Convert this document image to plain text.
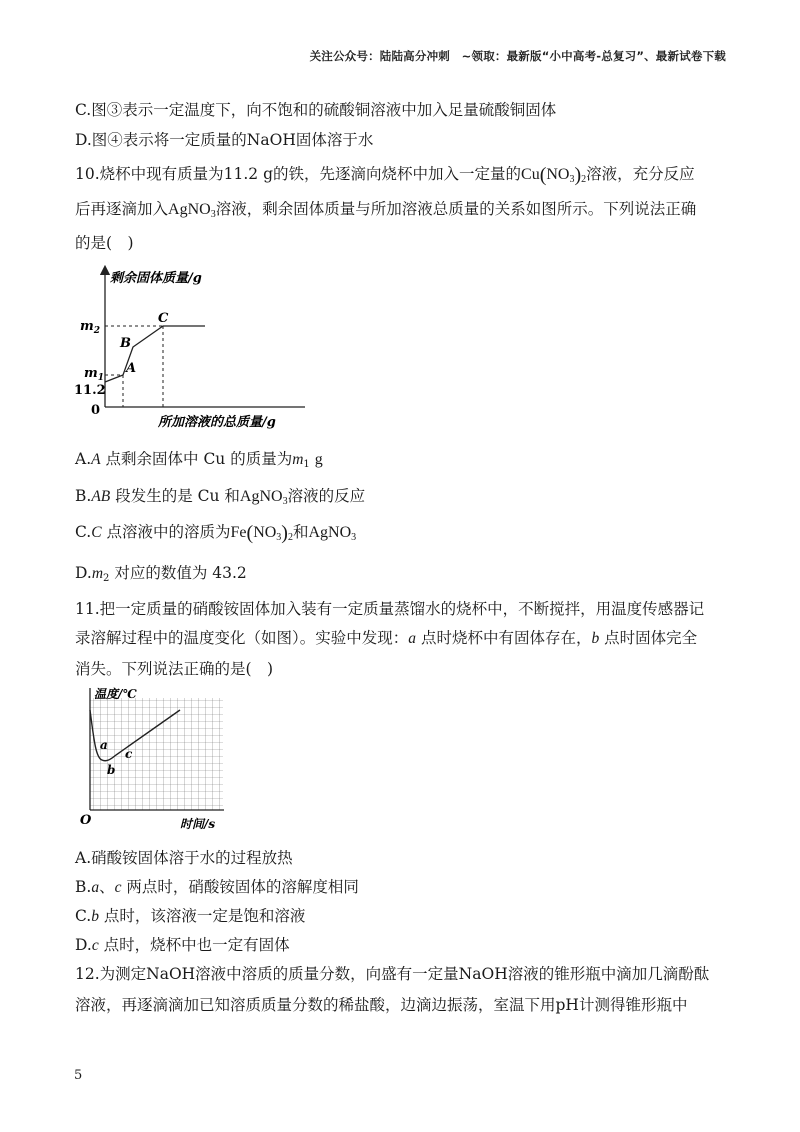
关注公众号：陆陆高分冲刺　~领取：最新版“小中高考-总复习”、最新试卷下载
C.图③表示一定温度下，向不饱和的硫酸铜溶液中加入足量硫酸铜固体
D.图④表示将一定质量的NaOH固体溶于水
10.烧杯中现有质量为11.2 g的铁，先逐滴向烧杯中加入一定量的$Cu(NO_3)_2$溶液，充分反应
后再逐滴加入AgNO$_3$溶液，剩余固体质量与所加溶液总质量的关系如图所示。下列说法正确
的是(　)
剩余固体质量/g
所加溶液的总质量/g
$m_2$
$m_1$
11.2
0
A
B
C
A.A 点剩余固体中 Cu 的质量为$m_1$ g
B.AB 段发生的是 Cu 和AgNO$_3$溶液的反应
C.C 点溶液中的溶质为$Fe(NO_3)_2$和AgNO$_3$
$D.m_2$ 对应的数值为 43.2
11.把一定质量的硝酸铵固体加入装有一定质量蒸馏水的烧杯中，不断搅拌，用温度传感器记
录溶解过程中的温度变化（如图）。实验中发现：a 点时烧杯中有固体存在，b 点时固体完全
消失。下列说法正确的是(　)
温度/℃
时间/s
O
a
b
c
A.硝酸铵固体溶于水的过程放热
B.a、c 两点时，硝酸铵固体的溶解度相同
C.b 点时，该溶液一定是饱和溶液
D.c 点时，烧杯中也一定有固体
12.为测定NaOH溶液中溶质的质量分数，向盛有一定量NaOH溶液的锥形瓶中滴加几滴酚酞
溶液，再逐滴滴加已知溶质质量分数的稀盐酸，边滴边振荡，室温下用pH计测得锥形瓶中
5
